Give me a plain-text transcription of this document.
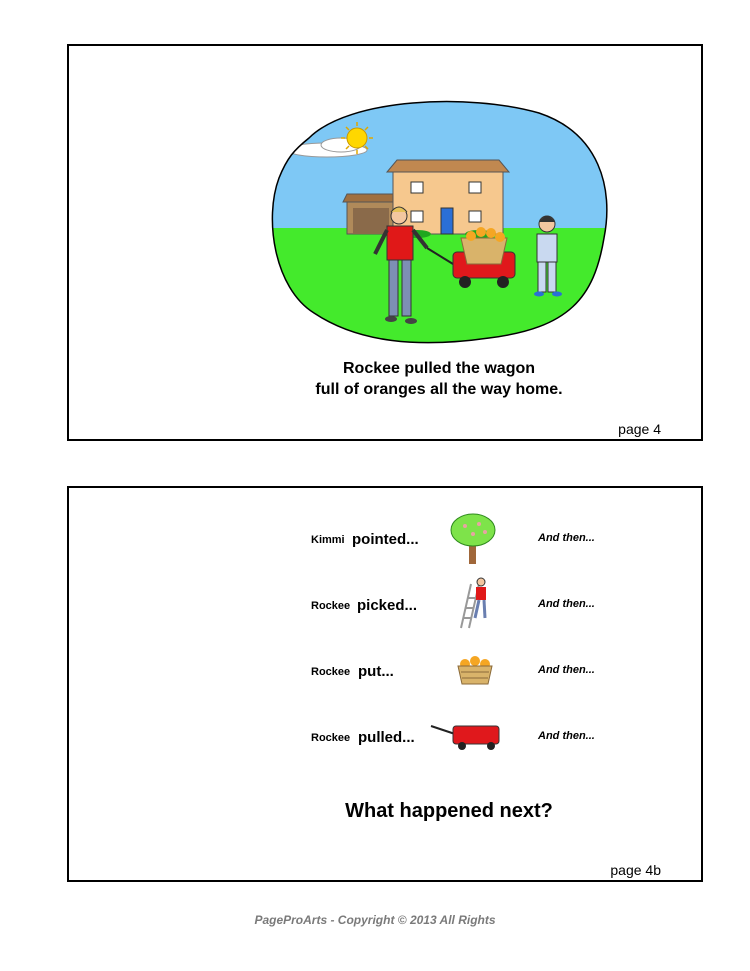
Rockee pulled the wagon
full of oranges all the way home.
page 4
Kimmi pointed...	And then...
Rockee picked...	And then...
Rockee put...	And then...
Rockee pulled...	And then...
What happened next?
page 4b
PageProArts - Copyright © 2013 All Rights
